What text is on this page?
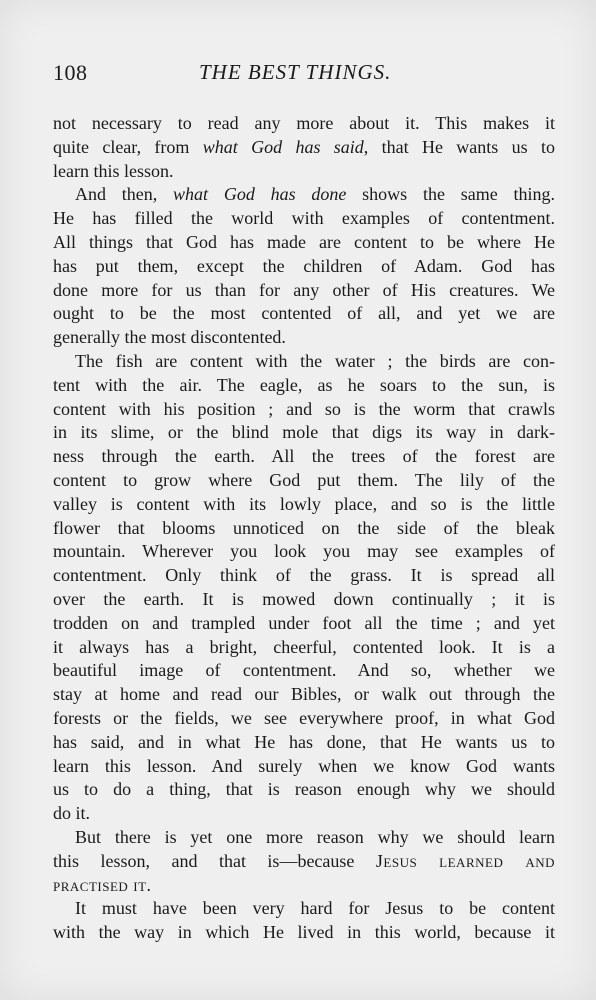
108	THE BEST THINGS.
not necessary to read any more about it. This makes it
quite clear, from what God has said, that He wants us to
learn this lesson.
And then, what God has done shows the same thing.
He has filled the world with examples of contentment.
All things that God has made are content to be where He
has put them, except the children of Adam. God has
done more for us than for any other of His creatures. We
ought to be the most contented of all, and yet we are
generally the most discontented.
The fish are content with the water ; the birds are con-
tent with the air. The eagle, as he soars to the sun, is
content with his position ; and so is the worm that crawls
in its slime, or the blind mole that digs its way in dark-
ness through the earth. All the trees of the forest are
content to grow where God put them. The lily of the
valley is content with its lowly place, and so is the little
flower that blooms unnoticed on the side of the bleak
mountain. Wherever you look you may see examples of
contentment. Only think of the grass. It is spread all
over the earth. It is mowed down continually ; it is
trodden on and trampled under foot all the time ; and yet
it always has a bright, cheerful, contented look. It is a
beautiful image of contentment. And so, whether we
stay at home and read our Bibles, or walk out through the
forests or the fields, we see everywhere proof, in what God
has said, and in what He has done, that He wants us to
learn this lesson. And surely when we know God wants
us to do a thing, that is reason enough why we should
do it.
But there is yet one more reason why we should learn
this lesson, and that is—because Jesus learned and
practised it.
It must have been very hard for Jesus to be content
with the way in which He lived in this world, because it
